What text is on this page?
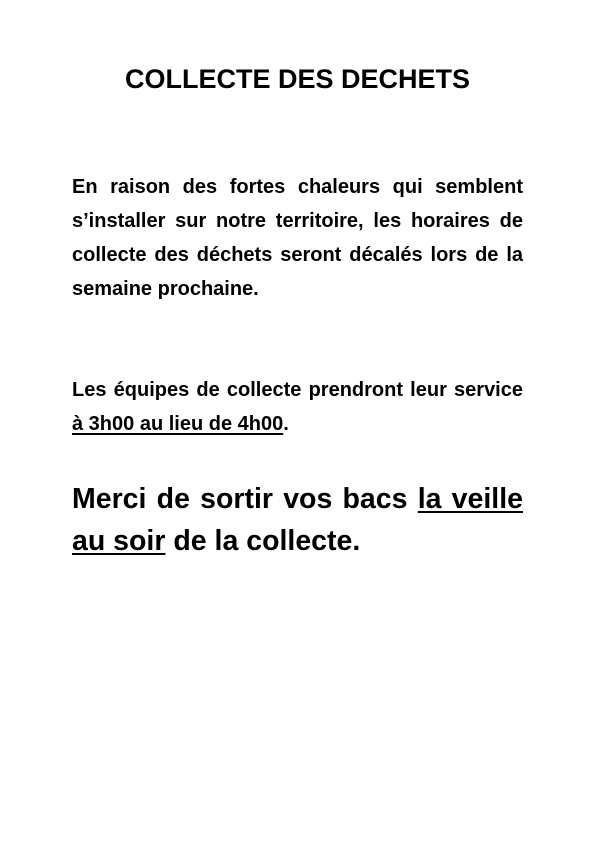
COLLECTE DES DECHETS

En raison des fortes chaleurs qui semblent s’installer sur notre territoire, les horaires de collecte des déchets seront décalés lors de la semaine prochaine.

Les équipes de collecte prendront leur service à 3h00 au lieu de 4h00.

Merci de sortir vos bacs la veille au soir de la collecte.
